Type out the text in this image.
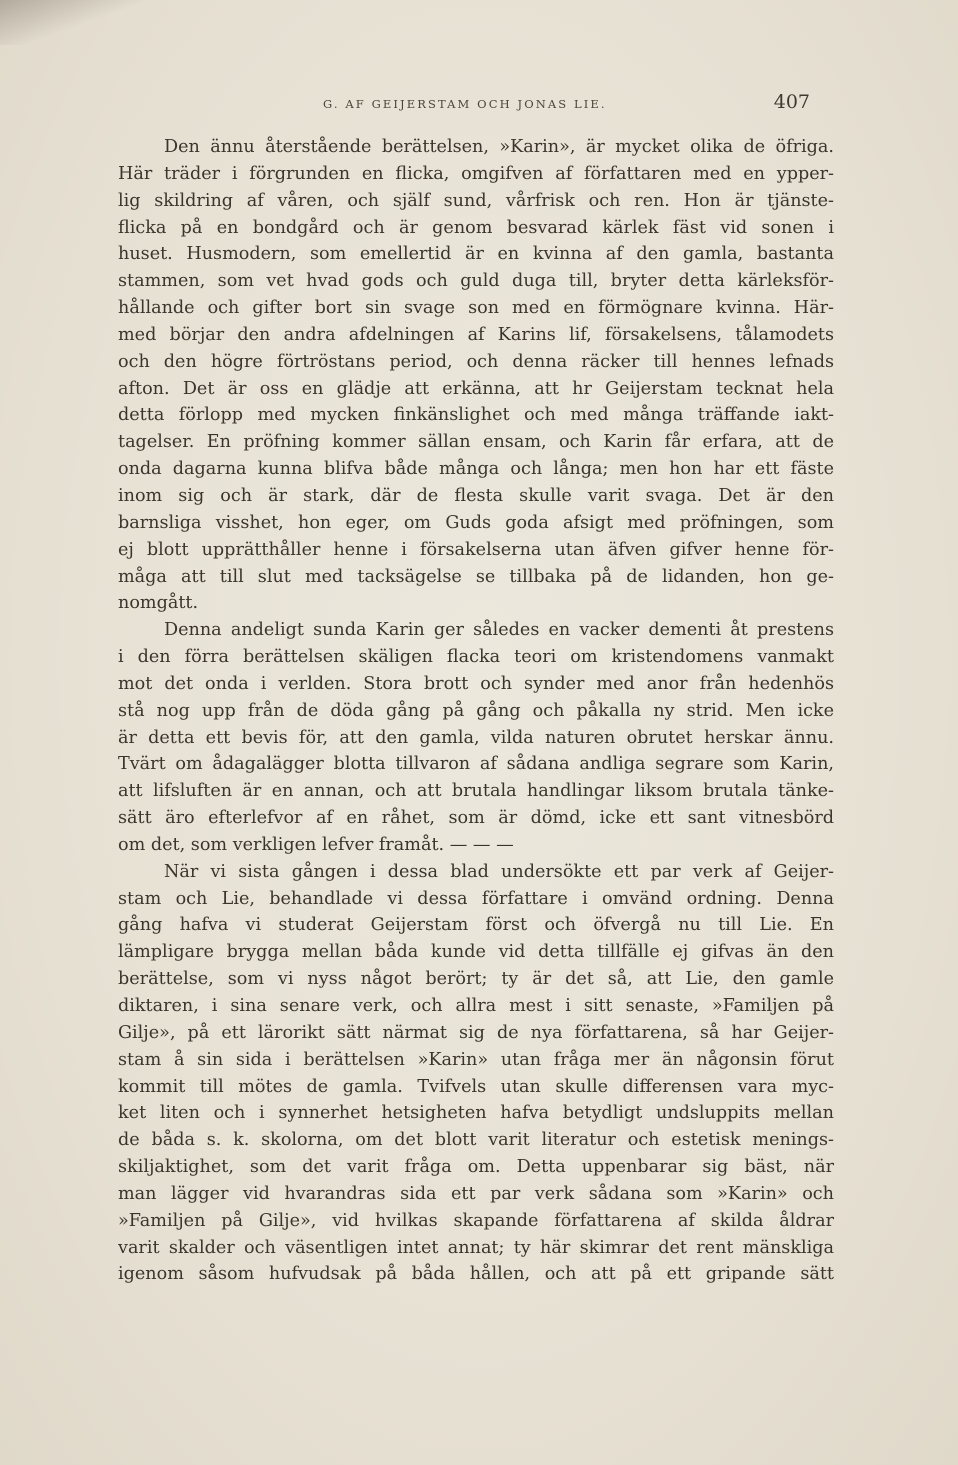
G. AF GEIJERSTAM OCH JONAS LIE.	407
Den ännu återstående berättelsen, »Karin», är mycket olika de öfriga.
Här träder i förgrunden en flicka, omgifven af författaren med en ypper-
lig skildring af våren, och själf sund, vårfrisk och ren. Hon är tjänste-
flicka på en bondgård och är genom besvarad kärlek fäst vid sonen i
huset. Husmodern, som emellertid är en kvinna af den gamla, bastanta
stammen, som vet hvad gods och guld duga till, bryter detta kärleksför-
hållande och gifter bort sin svage son med en förmögnare kvinna. Här-
med börjar den andra afdelningen af Karins lif, försakelsens, tålamodets
och den högre förtröstans period, och denna räcker till hennes lefnads
afton. Det är oss en glädje att erkänna, att hr Geijerstam tecknat hela
detta förlopp med mycken finkänslighet och med många träffande iakt-
tagelser. En pröfning kommer sällan ensam, och Karin får erfara, att de
onda dagarna kunna blifva både många och långa; men hon har ett fäste
inom sig och är stark, där de flesta skulle varit svaga. Det är den
barnsliga visshet, hon eger, om Guds goda afsigt med pröfningen, som
ej blott upprätthåller henne i försakelserna utan äfven gifver henne för-
måga att till slut med tacksägelse se tillbaka på de lidanden, hon ge-
nomgått.
Denna andeligt sunda Karin ger således en vacker dementi åt prestens
i den förra berättelsen skäligen flacka teori om kristendomens vanmakt
mot det onda i verlden. Stora brott och synder med anor från hedenhös
stå nog upp från de döda gång på gång och påkalla ny strid. Men icke
är detta ett bevis för, att den gamla, vilda naturen obrutet herskar ännu.
Tvärt om ådagalägger blotta tillvaron af sådana andliga segrare som Karin,
att lifsluften är en annan, och att brutala handlingar liksom brutala tänke-
sätt äro efterlefvor af en råhet, som är dömd, icke ett sant vitnesbörd
om det, som verkligen lefver framåt. — — —
När vi sista gången i dessa blad undersökte ett par verk af Geijer-
stam och Lie, behandlade vi dessa författare i omvänd ordning. Denna
gång hafva vi studerat Geijerstam först och öfvergå nu till Lie. En
lämpligare brygga mellan båda kunde vid detta tillfälle ej gifvas än den
berättelse, som vi nyss något berört; ty är det så, att Lie, den gamle
diktaren, i sina senare verk, och allra mest i sitt senaste, »Familjen på
Gilje», på ett lärorikt sätt närmat sig de nya författarena, så har Geijer-
stam å sin sida i berättelsen »Karin» utan fråga mer än någonsin förut
kommit till mötes de gamla. Tvifvels utan skulle differensen vara myc-
ket liten och i synnerhet hetsigheten hafva betydligt undsluppits mellan
de båda s. k. skolorna, om det blott varit literatur och estetisk menings-
skiljaktighet, som det varit fråga om. Detta uppenbarar sig bäst, när
man lägger vid hvarandras sida ett par verk sådana som »Karin» och
»Familjen på Gilje», vid hvilkas skapande författarena af skilda åldrar
varit skalder och väsentligen intet annat; ty här skimrar det rent mänskliga
igenom såsom hufvudsak på båda hållen, och att på ett gripande sätt
